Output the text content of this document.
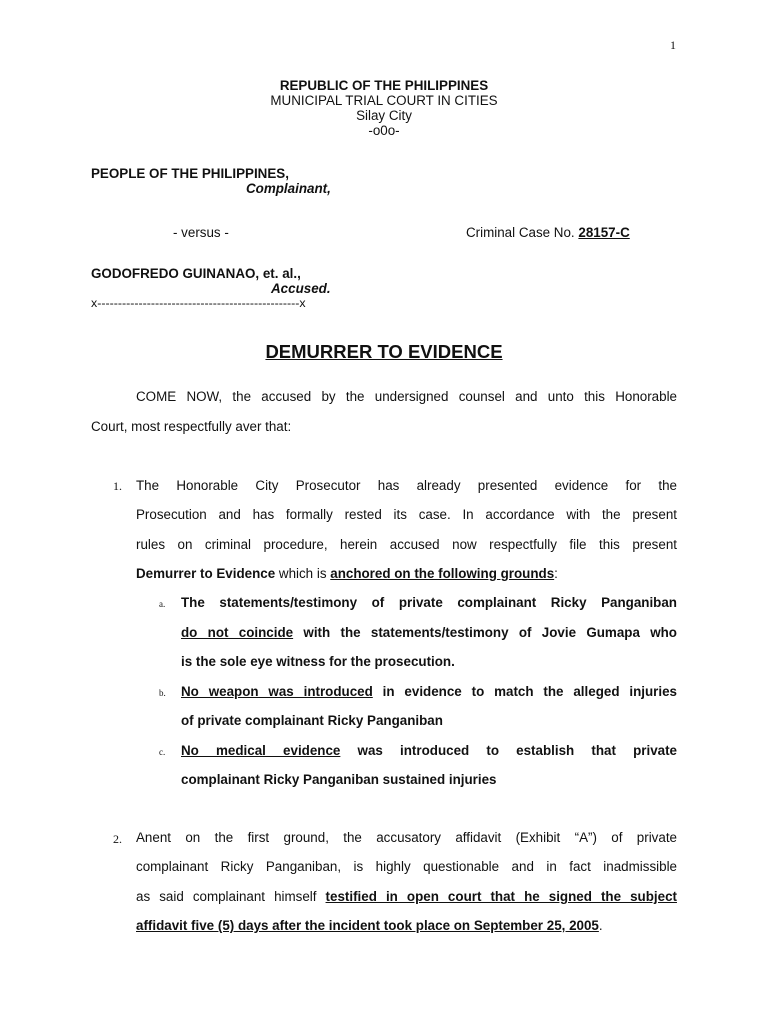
1
REPUBLIC OF THE PHILIPPINES
MUNICIPAL TRIAL COURT IN CITIES
Silay City
-o0o-
PEOPLE OF THE PHILIPPINES,
Complainant,
- versus -	Criminal Case No. 28157-C
GODOFREDO GUINANAO, et. al.,
Accused.
x-------------------------------------------------x
DEMURRER TO EVIDENCE
COME NOW, the accused by the undersigned counsel and unto this Honorable
Court, most respectfully aver that:
1. The Honorable City Prosecutor has already presented evidence for the
Prosecution and has formally rested its case. In accordance with the present
rules on criminal procedure, herein accused now respectfully file this present
Demurrer to Evidence which is anchored on the following grounds:
a. The statements/testimony of private complainant Ricky Panganiban
do not coincide with the statements/testimony of Jovie Gumapa who
is the sole eye witness for the prosecution.
b. No weapon was introduced in evidence to match the alleged injuries
of private complainant Ricky Panganiban
c. No medical evidence was introduced to establish that private
complainant Ricky Panganiban sustained injuries
2. Anent on the first ground, the accusatory affidavit (Exhibit “A”) of private
complainant Ricky Panganiban, is highly questionable and in fact inadmissible
as said complainant himself testified in open court that he signed the subject
affidavit five (5) days after the incident took place on September 25, 2005.
